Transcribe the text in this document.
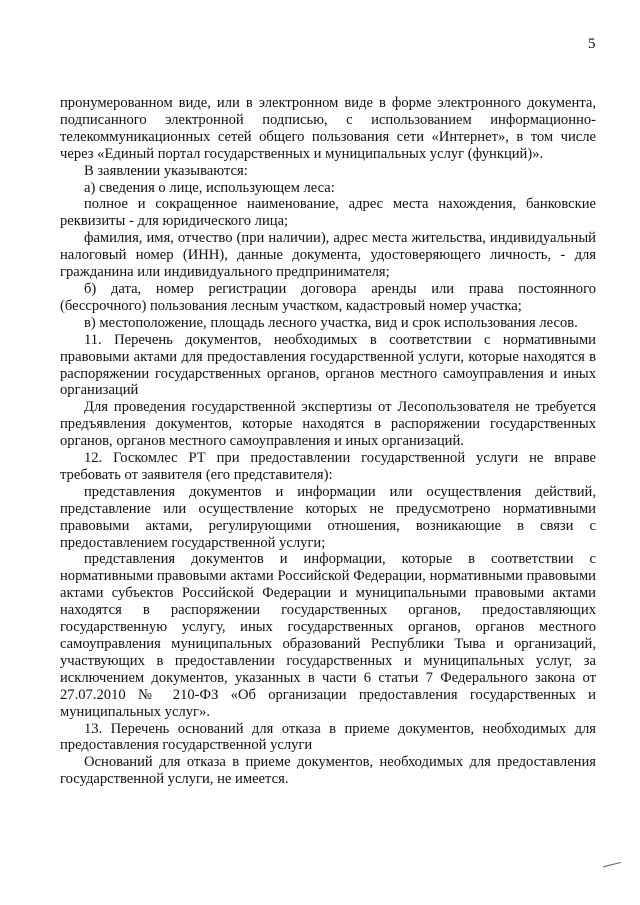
5

пронумерованном виде, или в электронном виде в форме электронного документа, подписанного электронной подписью, с использованием информационно-телекоммуникационных сетей общего пользования сети «Интернет», в том числе через «Единый портал государственных и муниципальных услуг (функций)».

В заявлении указываются:

а) сведения о лице, использующем леса:

полное и сокращенное наименование, адрес места нахождения, банковские реквизиты - для юридического лица;

фамилия, имя, отчество (при наличии), адрес места жительства, индивидуальный налоговый номер (ИНН), данные документа, удостоверяющего личность, - для гражданина или индивидуального предпринимателя;

б) дата, номер регистрации договора аренды или права постоянного (бессрочного) пользования лесным участком, кадастровый номер участка;

в) местоположение, площадь лесного участка, вид и срок использования лесов.

11. Перечень документов, необходимых в соответствии с нормативными правовыми актами для предоставления государственной услуги, которые находятся в распоряжении государственных органов, органов местного самоуправления и иных организаций

Для проведения государственной экспертизы от Лесопользователя не требуется предъявления документов, которые находятся в распоряжении государственных органов, органов местного самоуправления и иных организаций.

12. Госкомлес РТ при предоставлении государственной услуги не вправе требовать от заявителя (его представителя):

представления документов и информации или осуществления действий, представление или осуществление которых не предусмотрено нормативными правовыми актами, регулирующими отношения, возникающие в связи с предоставлением государственной услуги;

представления документов и информации, которые в соответствии с нормативными правовыми актами Российской Федерации, нормативными правовыми актами субъектов Российской Федерации и муниципальными правовыми актами находятся в распоряжении государственных органов, предоставляющих государственную услугу, иных государственных органов, органов местного самоуправления муниципальных образований Республики Тыва и организаций, участвующих в предоставлении государственных и муниципальных услуг, за исключением документов, указанных в части 6 статьи 7 Федерального закона от 27.07.2010 № 210-ФЗ «Об организации предоставления государственных и муниципальных услуг».

13. Перечень оснований для отказа в приеме документов, необходимых для предоставления государственной услуги

Оснований для отказа в приеме документов, необходимых для предоставления государственной услуги, не имеется.
